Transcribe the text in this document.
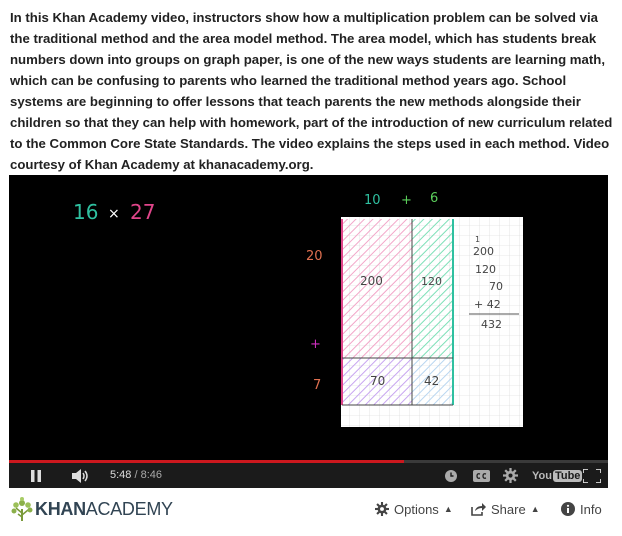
In this Khan Academy video, instructors show how a multiplication problem can be solved via the traditional method and the area model method. The area model, which has students break numbers down into groups on graph paper, is one of the new ways students are learning math, which can be confusing to parents who learned the traditional method years ago. School systems are beginning to offer lessons that teach parents the new methods alongside their children so that they can help with homework, part of the introduction of new curriculum related to the Common Core State Standards. The video explains the steps used in each method. Video courtesy of Khan Academy at khanacademy.org.
16 × 27	10 + 6
20
+
7
200	120
70	42
1
200
120
70
+ 42
432
5:48 / 8:46	You Tube
KHANACADEMY	Options ▲	Share ▲	Info
